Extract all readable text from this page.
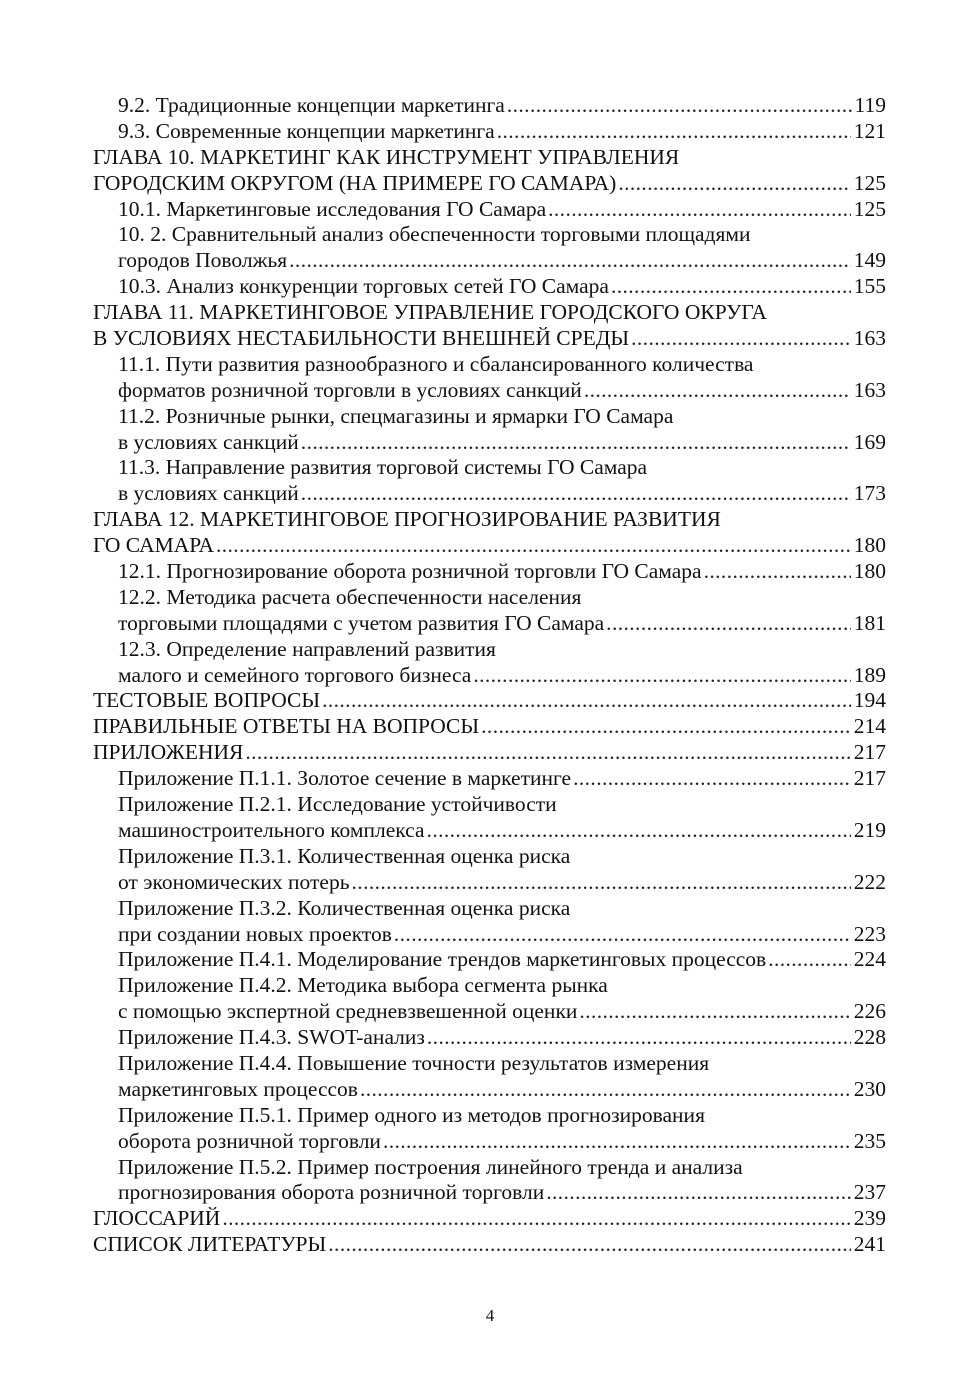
9.2. Традиционные концепции маркетинга .....	119
9.3. Современные концепции маркетинга .....	121
ГЛАВА 10. МАРКЕТИНГ КАК ИНСТРУМЕНТ УПРАВЛЕНИЯ
ГОРОДСКИМ ОКРУГОМ (НА ПРИМЕРЕ ГО САМАРА) .....	125
10.1. Маркетинговые исследования ГО Самара .....	125
10. 2. Сравнительный анализ обеспеченности торговыми площадями
городов Поволжья .....	149
10.3. Анализ конкуренции торговых сетей ГО Самара .....	155
ГЛАВА 11. МАРКЕТИНГОВОЕ УПРАВЛЕНИЕ ГОРОДСКОГО ОКРУГА
В УСЛОВИЯХ НЕСТАБИЛЬНОСТИ ВНЕШНЕЙ СРЕДЫ .....	163
11.1. Пути развития разнообразного и сбалансированного количества
форматов розничной торговли в условиях санкций .....	163
11.2. Розничные рынки, спецмагазины и ярмарки ГО Самара
в условиях санкций .....	169
11.3. Направление развития торговой системы ГО Самара
в условиях санкций .....	173
ГЛАВА 12. МАРКЕТИНГОВОЕ ПРОГНОЗИРОВАНИЕ РАЗВИТИЯ
ГО САМАРА .....	180
12.1. Прогнозирование оборота розничной торговли ГО Самара .....	180
12.2. Методика расчета обеспеченности населения
торговыми площадями с учетом развития ГО Самара .....	181
12.3. Определение направлений развития
малого и семейного торгового бизнеса .....	189
ТЕСТОВЫЕ ВОПРОСЫ .....	194
ПРАВИЛЬНЫЕ ОТВЕТЫ НА ВОПРОСЫ .....	214
ПРИЛОЖЕНИЯ .....	217
Приложение П.1.1. Золотое сечение в маркетинге .....	217
Приложение П.2.1. Исследование устойчивости
машиностроительного комплекса .....	219
Приложение П.3.1. Количественная оценка риска
от экономических потерь .....	222
Приложение П.3.2. Количественная оценка риска
при создании новых проектов .....	223
Приложение П.4.1. Моделирование трендов маркетинговых процессов .....	224
Приложение П.4.2. Методика выбора сегмента рынка
с помощью экспертной средневзвешенной оценки .....	226
Приложение П.4.3. SWOT-анализ .....	228
Приложение П.4.4. Повышение точности результатов измерения
маркетинговых процессов .....	230
Приложение П.5.1. Пример одного из методов прогнозирования
оборота розничной торговли .....	235
Приложение П.5.2. Пример построения линейного тренда и анализа
прогнозирования оборота розничной торговли .....	237
ГЛОССАРИЙ .....	239
СПИСОК ЛИТЕРАТУРЫ .....	241
4
